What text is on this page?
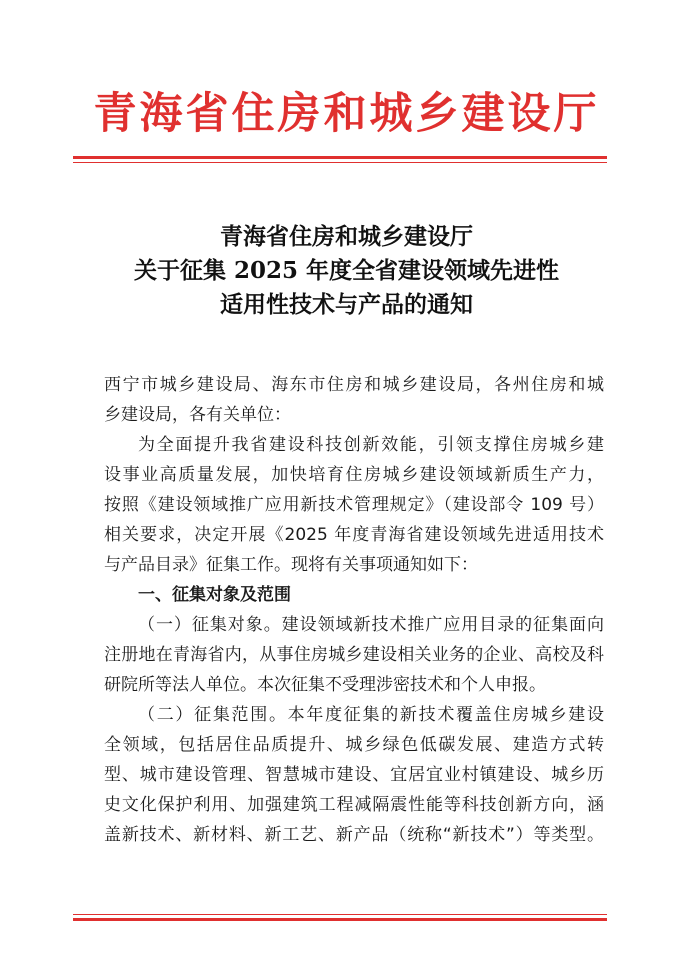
青海省住房和城乡建设厅
青海省住房和城乡建设厅
关于征集 2025 年度全省建设领域先进性
适用性技术与产品的通知
西宁市城乡建设局、海东市住房和城乡建设局，各州住房和城
乡建设局，各有关单位：
为全面提升我省建设科技创新效能，引领支撑住房城乡建
设事业高质量发展，加快培育住房城乡建设领域新质生产力，
按照《建设领域推广应用新技术管理规定》（建设部令 109 号）
相关要求，决定开展《2025 年度青海省建设领域先进适用技术
与产品目录》征集工作。现将有关事项通知如下：
一、征集对象及范围
（一）征集对象。建设领域新技术推广应用目录的征集面向
注册地在青海省内，从事住房城乡建设相关业务的企业、高校及科
研院所等法人单位。本次征集不受理涉密技术和个人申报。
（二）征集范围。本年度征集的新技术覆盖住房城乡建设
全领域，包括居住品质提升、城乡绿色低碳发展、建造方式转
型、城市建设管理、智慧城市建设、宜居宜业村镇建设、城乡历
史文化保护利用、加强建筑工程减隔震性能等科技创新方向，涵
盖新技术、新材料、新工艺、新产品（统称“新技术”）等类型。
